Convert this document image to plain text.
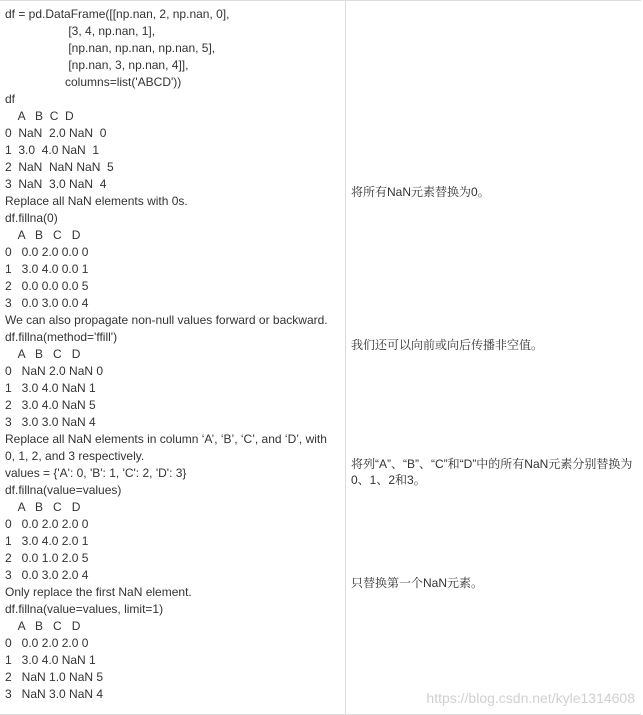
df = pd.DataFrame([[np.nan, 2, np.nan, 0],
[3, 4, np.nan, 1],
[np.nan, np.nan, np.nan, 5],
[np.nan, 3, np.nan, 4]],
columns=list('ABCD'))
df
A   B  C  D
0  NaN  2.0 NaN  0
1  3.0  4.0 NaN  1
2  NaN  NaN NaN  5
3  NaN  3.0 NaN  4
Replace all NaN elements with 0s.
df.fillna(0)
A   B   C   D
0   0.0 2.0 0.0 0
1   3.0 4.0 0.0 1
2   0.0 0.0 0.0 5
3   0.0 3.0 0.0 4
We can also propagate non-null values forward or backward.
df.fillna(method='ffill')
A   B   C   D
0   NaN 2.0 NaN 0
1   3.0 4.0 NaN 1
2   3.0 4.0 NaN 5
3   3.0 3.0 NaN 4
Replace all NaN elements in column ‘A’, ‘B’, ‘C’, and ‘D’, with
0, 1, 2, and 3 respectively.
values = {'A': 0, 'B': 1, 'C': 2, 'D': 3}
df.fillna(value=values)
A   B   C   D
0   0.0 2.0 2.0 0
1   3.0 4.0 2.0 1
2   0.0 1.0 2.0 5
3   0.0 3.0 2.0 4
Only replace the first NaN element.
df.fillna(value=values, limit=1)
A   B   C   D
0   0.0 2.0 2.0 0
1   3.0 4.0 NaN 1
2   NaN 1.0 NaN 5
3   NaN 3.0 NaN 4
将所有NaN元素替换为0。
我们还可以向前或向后传播非空值。
将列“A”、“B”、“C”和“D”中的所有NaN元素分别替换为0、1、2和3。
只替换第一个NaN元素。
https://blog.csdn.net/kyle1314608
